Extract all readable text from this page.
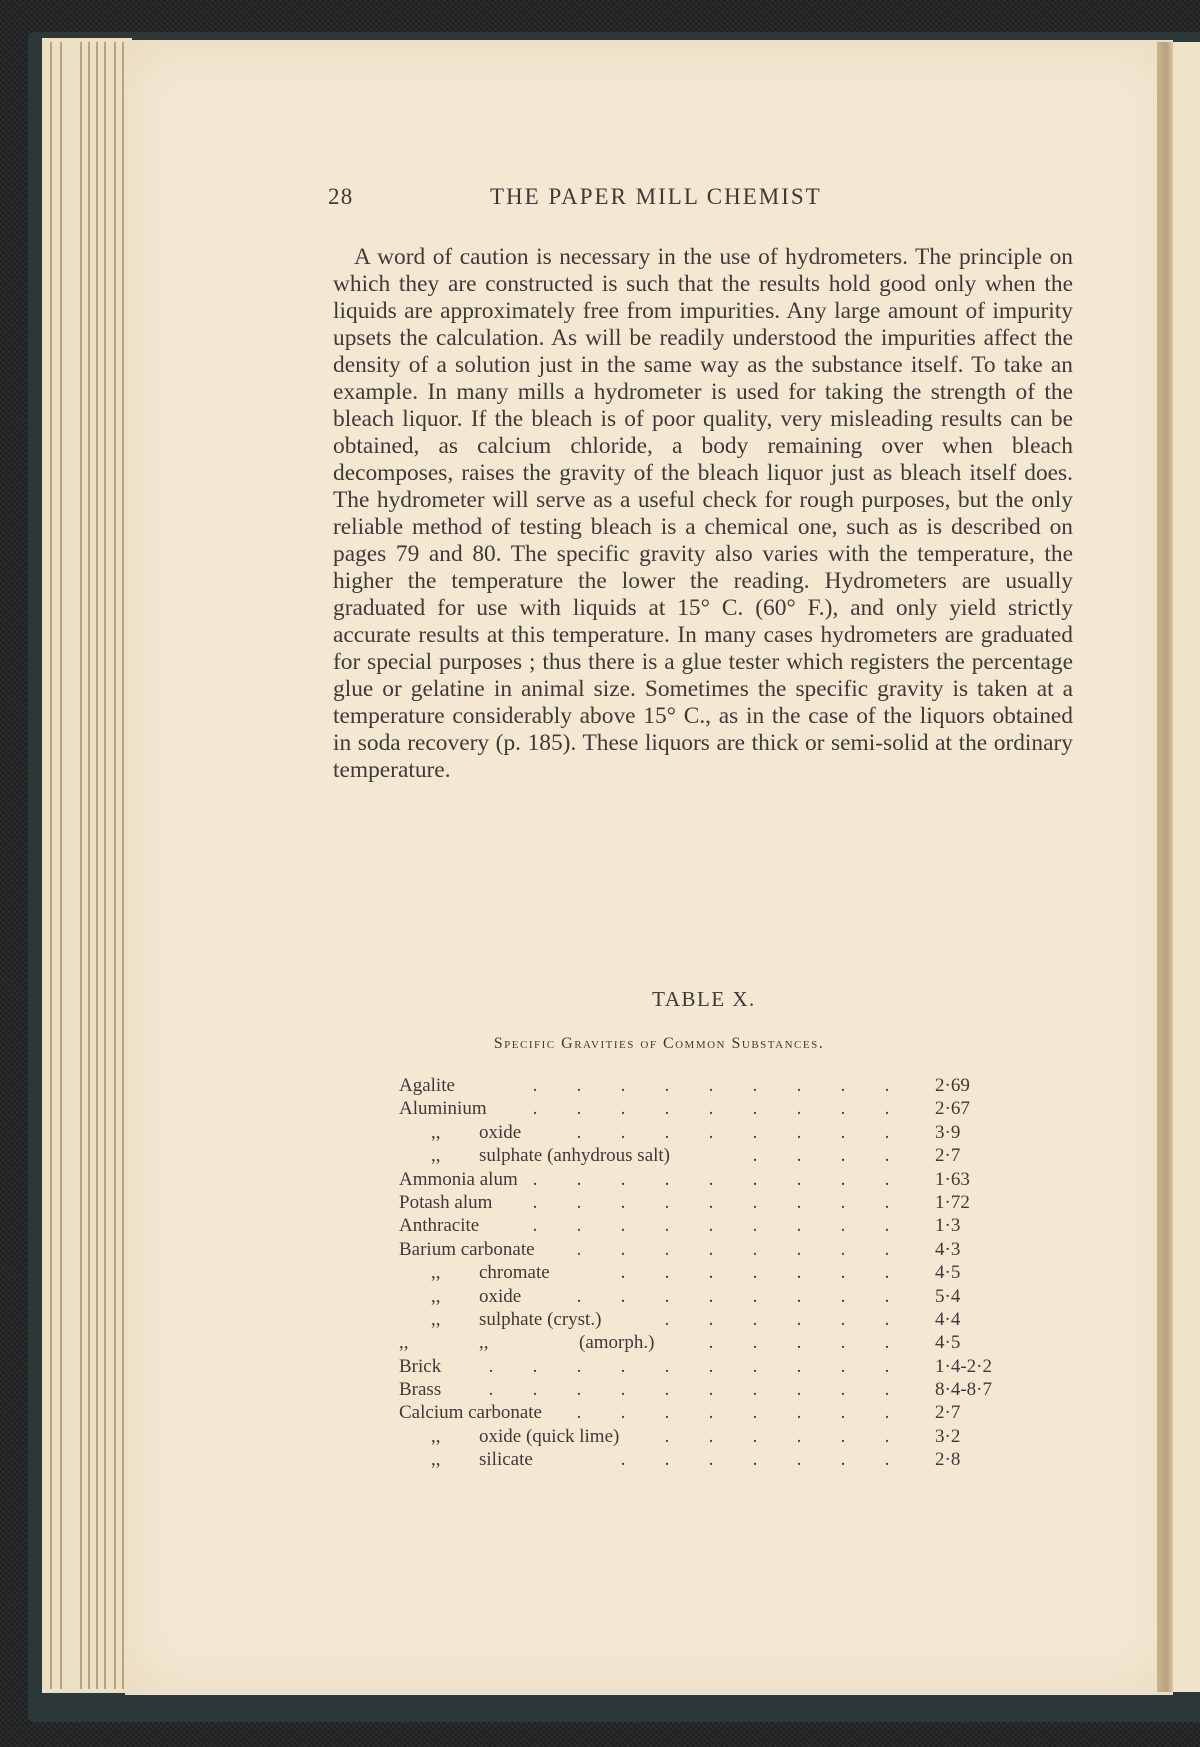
28	THE PAPER MILL CHEMIST

A word of caution is necessary in the use of hydrometers. The principle on which they are constructed is such that the results hold good only when the liquids are approximately free from impurities. Any large amount of impurity upsets the calculation. As will be readily understood the impurities affect the density of a solution just in the same way as the substance itself. To take an example. In many mills a hydrometer is used for taking the strength of the bleach liquor. If the bleach is of poor quality, very misleading results can be obtained, as calcium chloride, a body remaining over when bleach decomposes, raises the gravity of the bleach liquor just as bleach itself does. The hydrometer will serve as a useful check for rough purposes, but the only reliable method of testing bleach is a chemical one, such as is described on pages 79 and 80. The specific gravity also varies with the temperature, the higher the temperature the lower the reading. Hydrometers are usually graduated for use with liquids at 15° C. (60° F.), and only yield strictly accurate results at this temperature. In many cases hydrometers are graduated for special purposes ; thus there is a glue tester which registers the percentage glue or gelatine in animal size. Sometimes the specific gravity is taken at a temperature considerably above 15° C., as in the case of the liquors obtained in soda recovery (p. 185). These liquors are thick or semi-solid at the ordinary temperature.

TABLE X.
Specific Gravities of Common Substances.
. . . . . . . . .
Agalite	2·69
. . . . . . . . .
Aluminium	2·67
. . . . . . . .
,, oxide	3·9
. . . .
,, sulphate (anhydrous salt)	2·7
. . . . . . . . .
Ammonia alum	1·63
. . . . . . . . .
Potash alum	1·72
. . . . . . . . .
Anthracite	1·3
. . . . . . . .
Barium carbonate	4·3
. . . . . . .
,, chromate	4·5
. . . . . . . .
,, oxide	5·4
. . . . . .
,, sulphate (cryst.)	4·4
. . . . .
,,	,,	(amorph.)	4·5
. . . . . . . . . .
Brick	1·4-2·2
. . . . . . . . . .
Brass	8·4-8·7
. . . . . . . .
Calcium carbonate	2·7
. . . . . .
,, oxide (quick lime)	3·2
. . . . . . .
,, silicate	2·8
